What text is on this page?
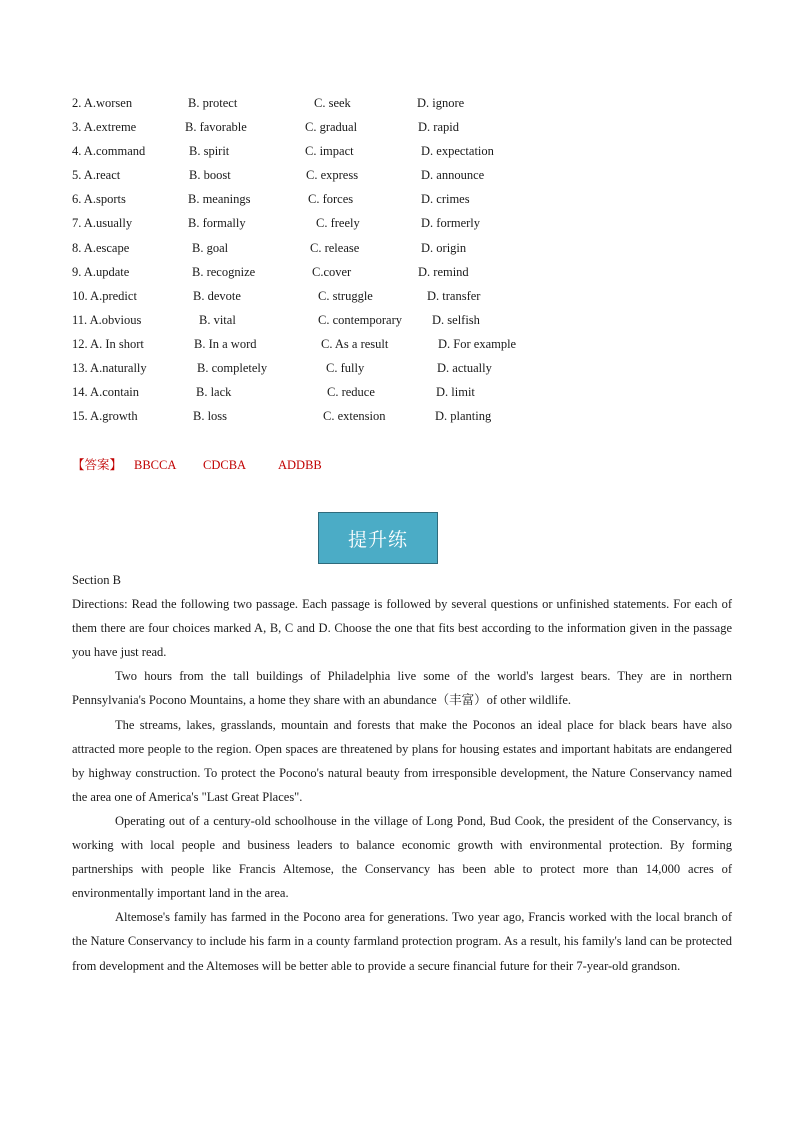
2. A.worsen	B. protect	C. seek	D. ignore
3. A.extreme	B. favorable	C. gradual	D. rapid
4. A.command	B. spirit	C. impact	D. expectation
5. A.react	B. boost	C. express	D. announce
6. A.sports	B. meanings	C. forces	D. crimes
7. A.usually	B. formally	C. freely	D. formerly
8. A.escape	B. goal	C. release	D. origin
9. A.update	B. recognize	C.cover	D. remind
10. A.predict	B. devote	C. struggle	D. transfer
11. A.obvious	B. vital	C. contemporary D. selfish
12. A. In short	B. In a word	C. As a result	D. For example
13. A.naturally	B. completely	C. fully	D. actually
14. A.contain	B. lack	C. reduce	D. limit
15. A.growth	B. loss	C. extension	D. planting
【答案】 BBCCA CDCBA	ADDBB
提升练

Section B

Directions: Read the following two passage. Each passage is followed by several questions or unfinished statements. For each of them there are four choices marked A, B, C and D. Choose the one that fits best according to the information given in the passage you have just read.

Two hours from the tall buildings of Philadelphia live some of the world's largest bears. They are in northern Pennsylvania's Pocono Mountains, a home they share with an abundance（丰富）of other wildlife.

The streams, lakes, grasslands, mountain and forests that make the Poconos an ideal place for black bears have also attracted more people to the region. Open spaces are threatened by plans for housing estates and important habitats are endangered by highway construction. To protect the Pocono's natural beauty from irresponsible development, the Nature Conservancy named the area one of America's "Last Great Places".

Operating out of a century-old schoolhouse in the village of Long Pond, Bud Cook, the president of the Conservancy, is working with local people and business leaders to balance economic growth with environmental protection. By forming partnerships with people like Francis Altemose, the Conservancy has been able to protect more than 14,000 acres of environmentally important land in the area.

Altemose's family has farmed in the Pocono area for generations. Two year ago, Francis worked with the local branch of the Nature Conservancy to include his farm in a county farmland protection program. As a result, his family's land can be protected from development and the Altemoses will be better able to provide a secure financial future for their 7-year-old grandson.
